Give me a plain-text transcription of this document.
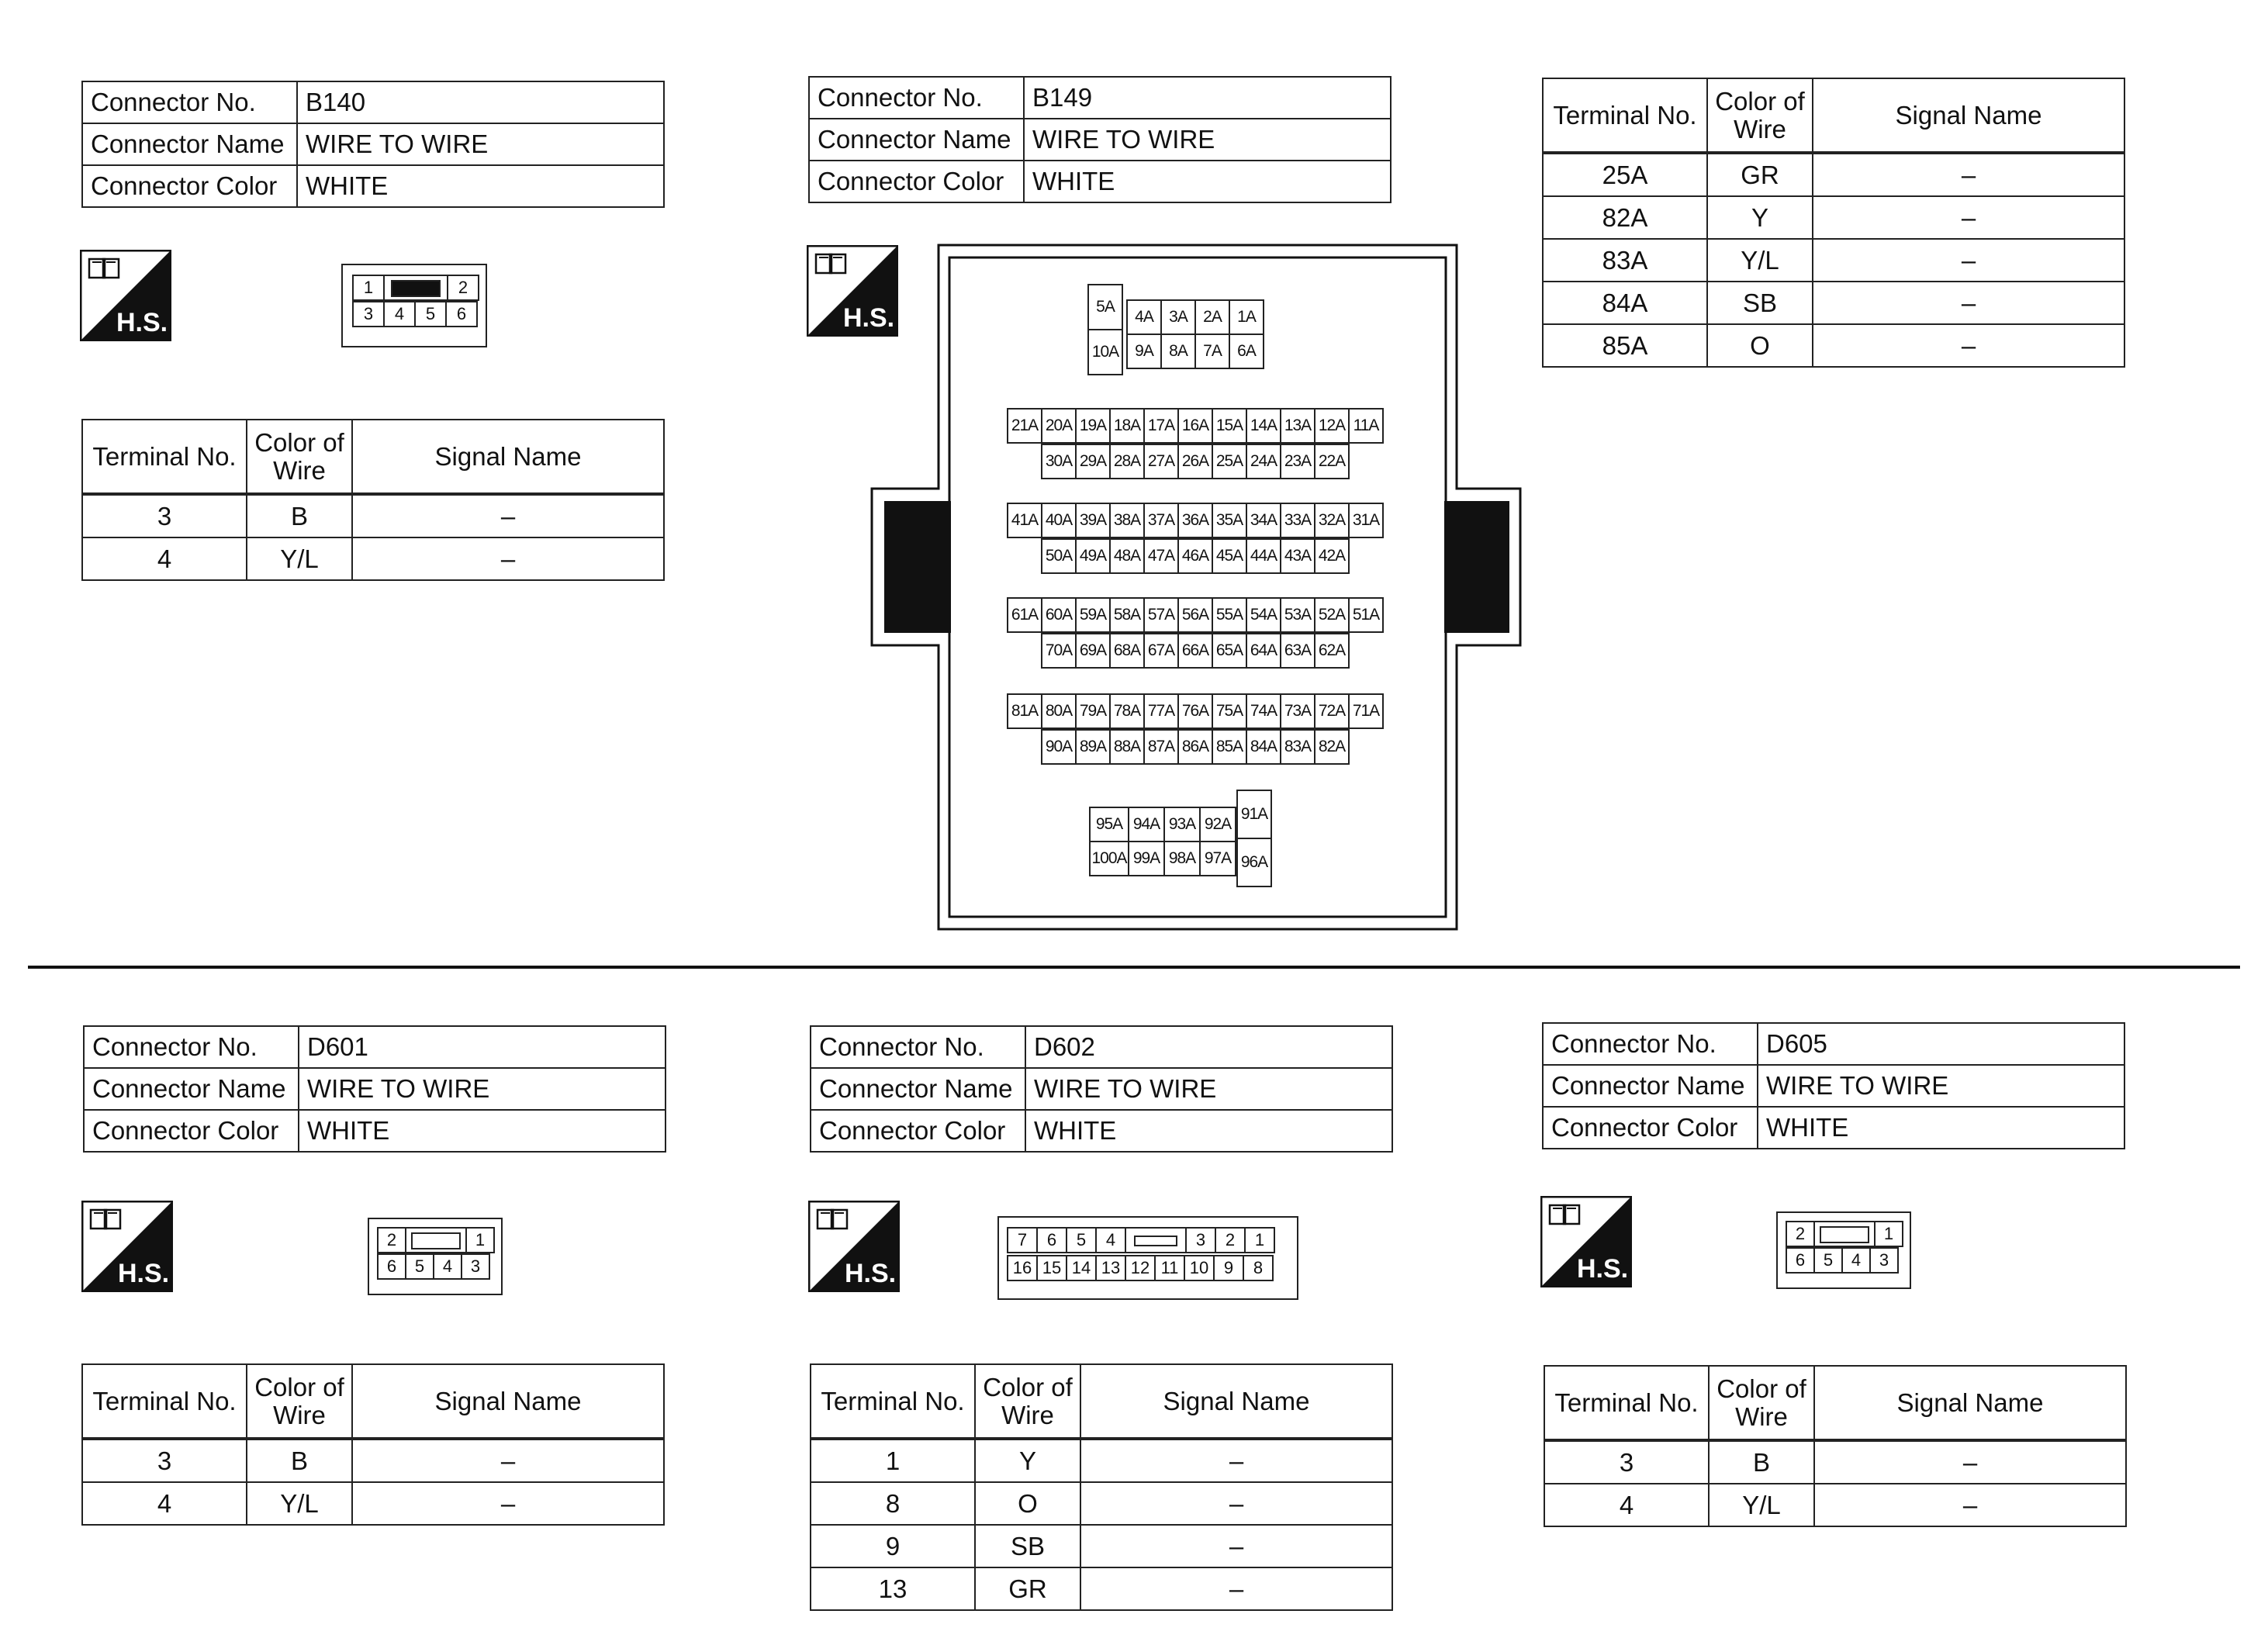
Connector No.	B140
Connector Name	WIRE TO WIRE
Connector Color	WHITE
H.S.
1		2
3	4	5	6
Terminal No.	Color of Wire	Signal Name
3	B	–
4	Y/L	–
Connector No.	B149
Connector Name	WIRE TO WIRE
Connector Color	WHITE
H.S.	5A
10A
4A	3A	2A	1A
9A	8A	7A	6A
21A	20A	19A	18A	17A	16A	15A	14A	13A	12A	11A
30A	29A	28A	27A	26A	25A	24A	23A	22A
41A	40A	39A	38A	37A	36A	35A	34A	33A	32A	31A
50A	49A	48A	47A	46A	45A	44A	43A	42A
61A	60A	59A	58A	57A	56A	55A	54A	53A	52A	51A
70A	69A	68A	67A	66A	65A	64A	63A	62A
81A	80A	79A	78A	77A	76A	75A	74A	73A	72A	71A
90A	89A	88A	87A	86A	85A	84A	83A	82A
95A	94A	93A	92A
100A	99A	98A	97A
91A
96A
Terminal No.	Color of Wire	Signal Name
25A	GR	–
82A	Y	–
83A	Y/L	–
84A	SB	–
85A	O	–
Connector No.	D601
Connector Name	WIRE TO WIRE
Connector Color	WHITE
H.S.
2		1
6	5	4	3
Terminal No.	Color of Wire	Signal Name
3	B	–
4	Y/L	–
Connector No.	D602
Connector Name	WIRE TO WIRE
Connector Color	WHITE
H.S.
7	6	5	4		3	2	1
16	15	14	13	12	11	10	9	8
Terminal No.	Color of Wire	Signal Name
1	Y	–
8	O	–
9	SB	–
13	GR	–
Connector No.	D605
Connector Name	WIRE TO WIRE
Connector Color	WHITE
H.S.
2		1
6	5	4	3
Terminal No.	Color of Wire	Signal Name
3	B	–
4	Y/L	–
